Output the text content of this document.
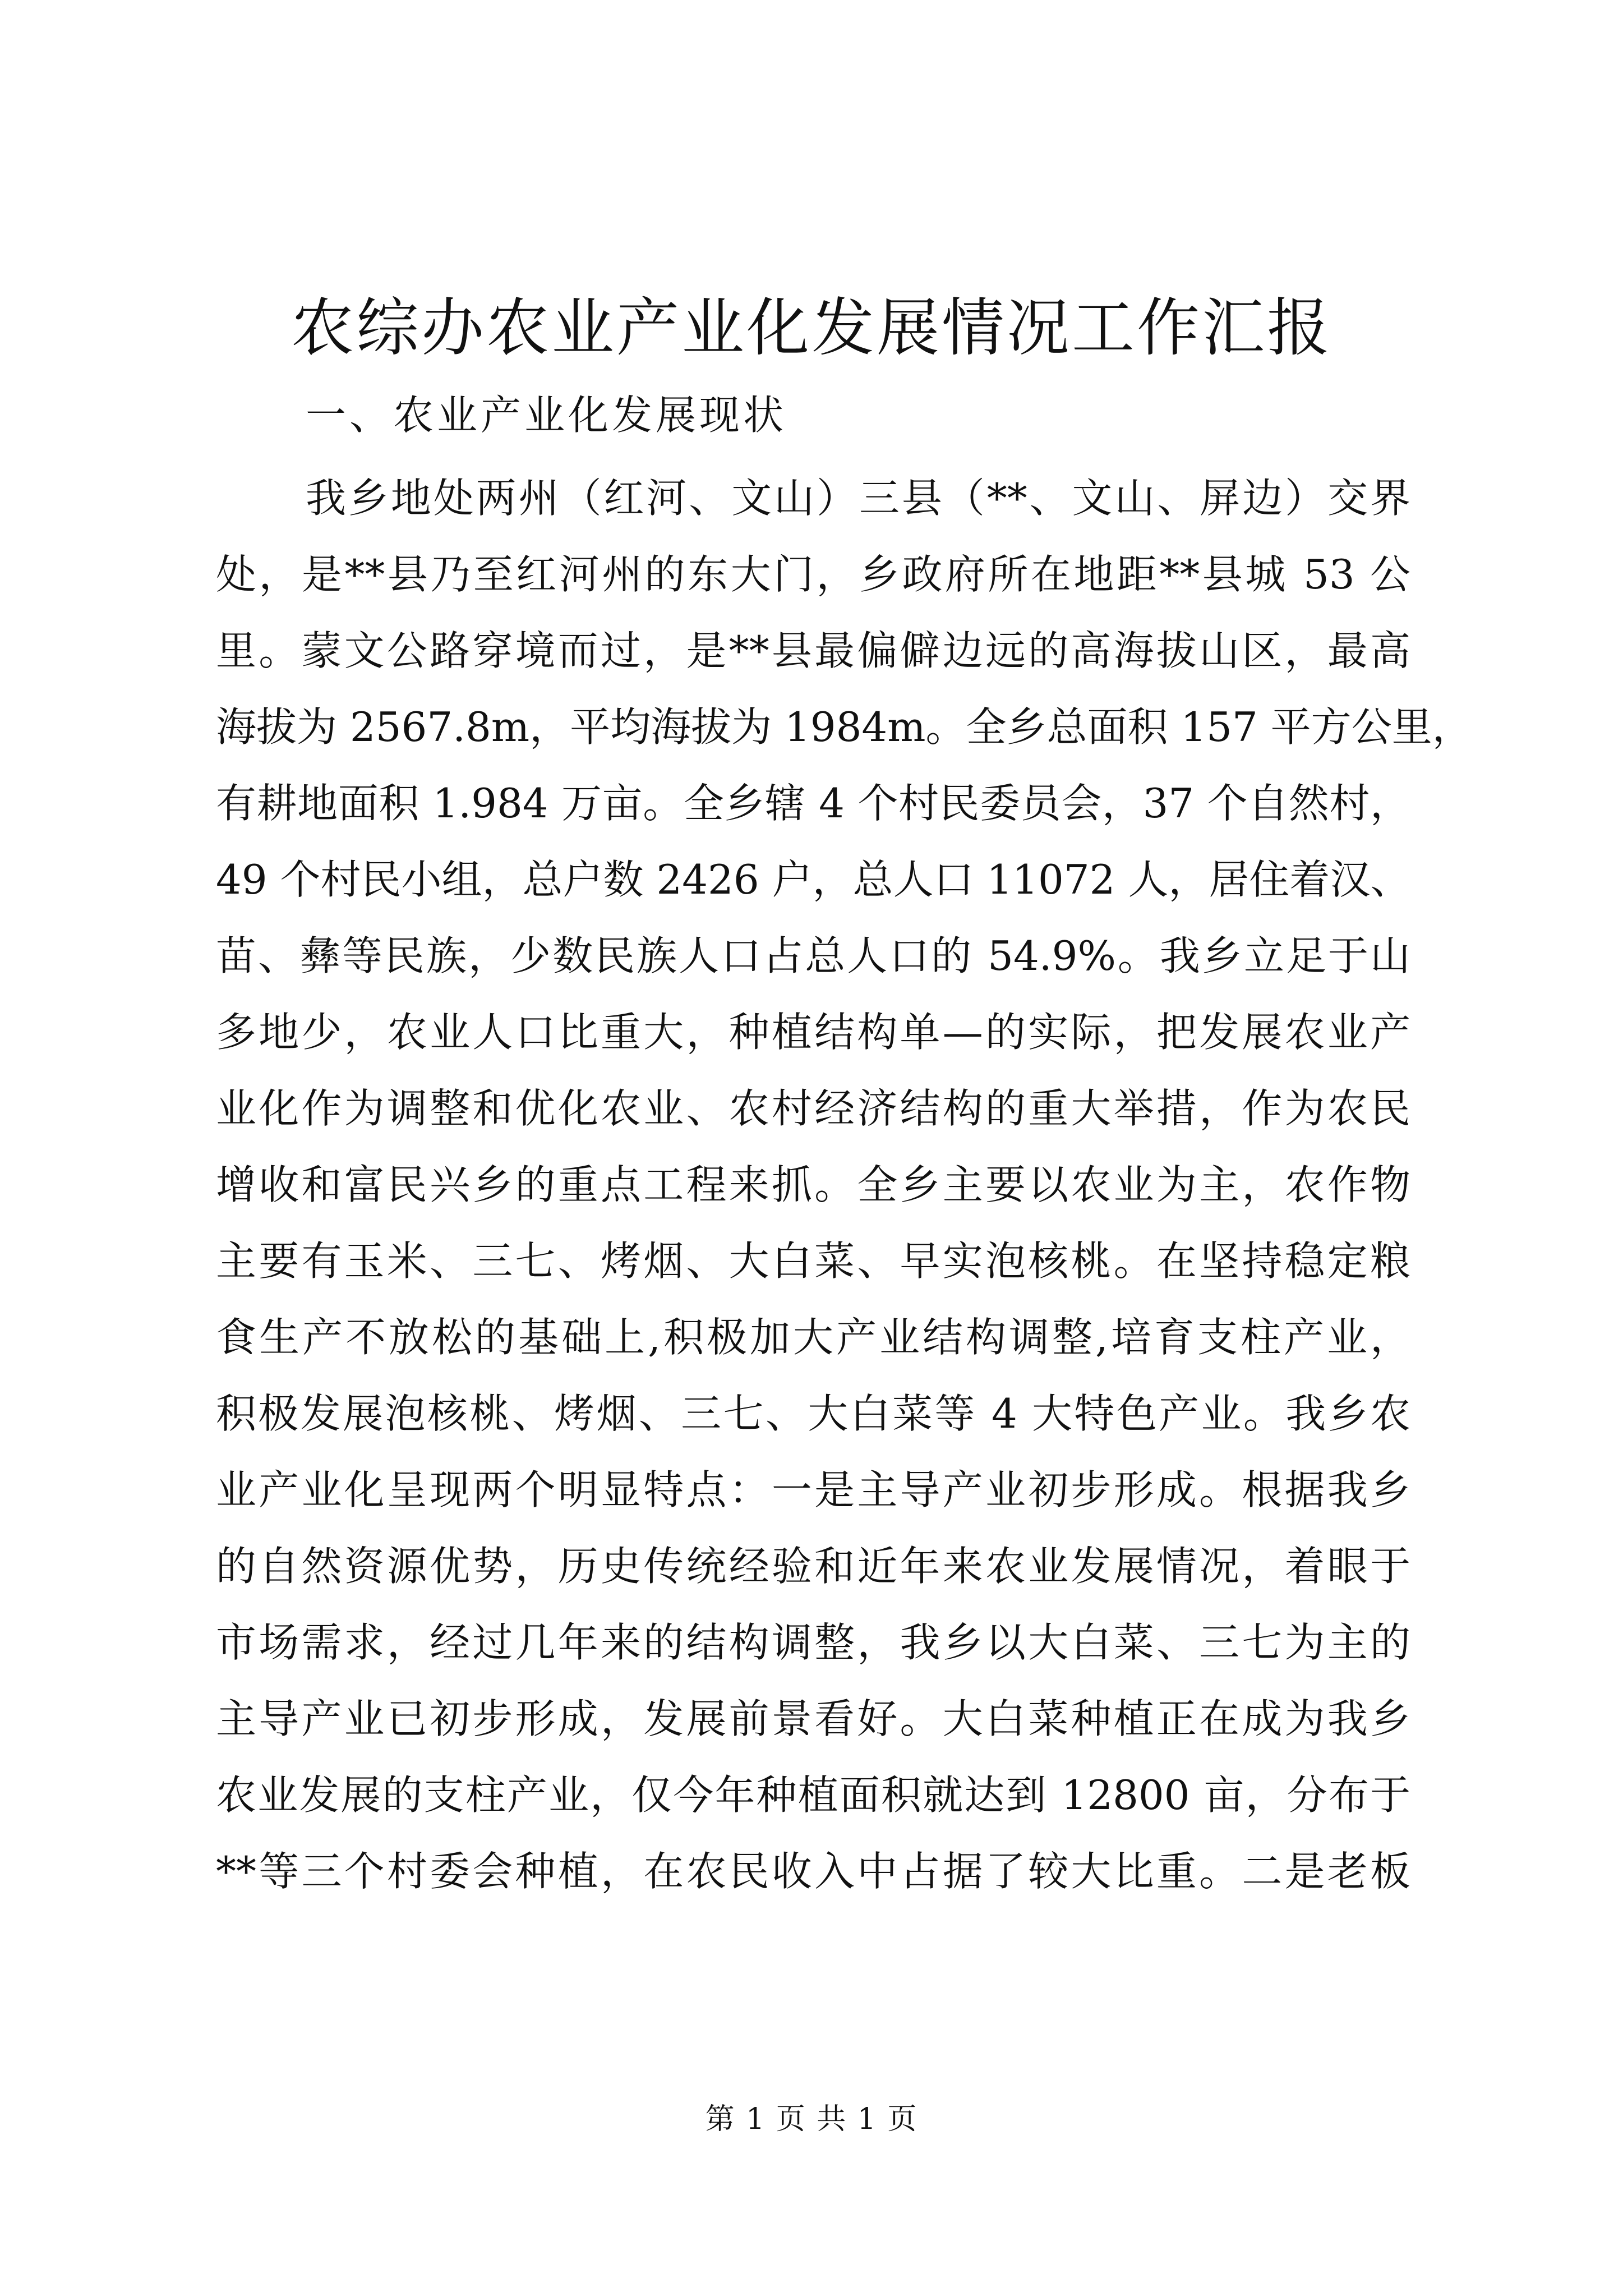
农综办农业产业化发展情况工作汇报

一、农业产业化发展现状

我乡地处两州（红河、文山）三县（**、文山、屏边）交界
处，是**县乃至红河州的东大门，乡政府所在地距**县城 53 公
里。蒙文公路穿境而过，是**县最偏僻边远的高海拔山区，最高
海拔为 2567.8m，平均海拔为 1984m。全乡总面积 157 平方公里，
有耕地面积 1.984 万亩。全乡辖 4 个村民委员会，37 个自然村，
49 个村民小组，总户数 2426 户，总人口 11072 人，居住着汉、
苗、彝等民族，少数民族人口占总人口的 54.9%。我乡立足于山
多地少，农业人口比重大，种植结构单—的实际，把发展农业产
业化作为调整和优化农业、农村经济结构的重大举措，作为农民
增收和富民兴乡的重点工程来抓。全乡主要以农业为主，农作物
主要有玉米、三七、烤烟、大白菜、早实泡核桃。在坚持稳定粮
食生产不放松的基础上,积极加大产业结构调整,培育支柱产业，
积极发展泡核桃、烤烟、三七、大白菜等 4 大特色产业。我乡农
业产业化呈现两个明显特点：一是主导产业初步形成。根据我乡
的自然资源优势，历史传统经验和近年来农业发展情况，着眼于
市场需求，经过几年来的结构调整，我乡以大白菜、三七为主的
主导产业已初步形成，发展前景看好。大白菜种植正在成为我乡
农业发展的支柱产业，仅今年种植面积就达到 12800 亩，分布于
**等三个村委会种植，在农民收入中占据了较大比重。二是老板
第 1 页 共 1 页
